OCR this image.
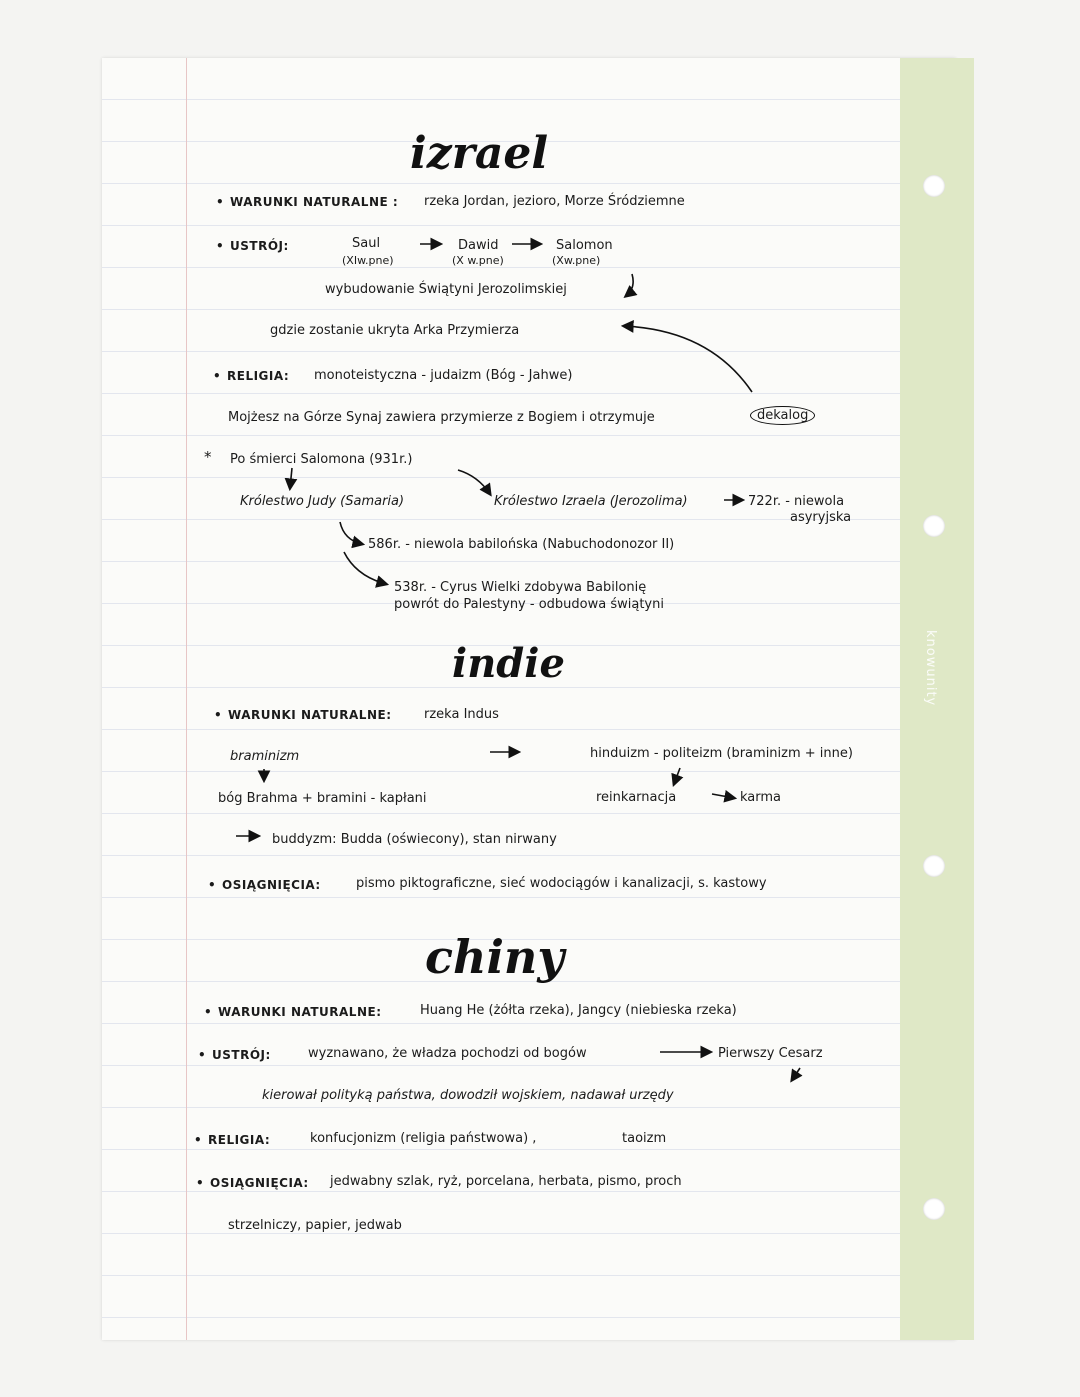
knowunity
izrael
• WARUNKI NATURALNE : rzeka Jordan, jezioro, Morze Śródziemne
• USTRÓJ:	Saul
(XIw.pne)
Dawid
(X w.pne)
Salomon
(Xw.pne)
wybudowanie Świątyni Jerozolimskiej
gdzie zostanie ukryta Arka Przymierza
• RELIGIA: monoteistyczna - judaizm (Bóg - Jahwe)
Mojżesz na Górze Synaj zawiera przymierze z Bogiem i otrzymuje	dekalog
* Po śmierci Salomona (931r.)
Królestwo Judy (Samaria)	Królestwo Izraela (Jerozolima)	722r. - niewola
asyryjska
586r. - niewola babilońska (Nabuchodonozor II)
538r. - Cyrus Wielki zdobywa Babilonię
powrót do Palestyny - odbudowa świątyni
indie
• WARUNKI NATURALNE:	rzeka Indus
braminizm	hinduizm - politeizm (braminizm + inne)
bóg Brahma + bramini - kapłani	reinkarnacja	karma
buddyzm: Budda (oświecony), stan nirwany
• OSIĄGNIĘCIA:	pismo piktograficzne, sieć wodociągów i kanalizacji, s. kastowy
chiny
• WARUNKI NATURALNE:	Huang He (żółta rzeka), Jangcy (niebieska rzeka)
• USTRÓJ:	wyznawano, że władza pochodzi od bogów	Pierwszy Cesarz
kierował polityką państwa, dowodził wojskiem, nadawał urzędy
• RELIGIA:	konfucjonizm (religia państwowa) ,	taoizm
• OSIĄGNIĘCIA: jedwabny szlak, ryż, porcelana, herbata, pismo, proch
strzelniczy, papier, jedwab
